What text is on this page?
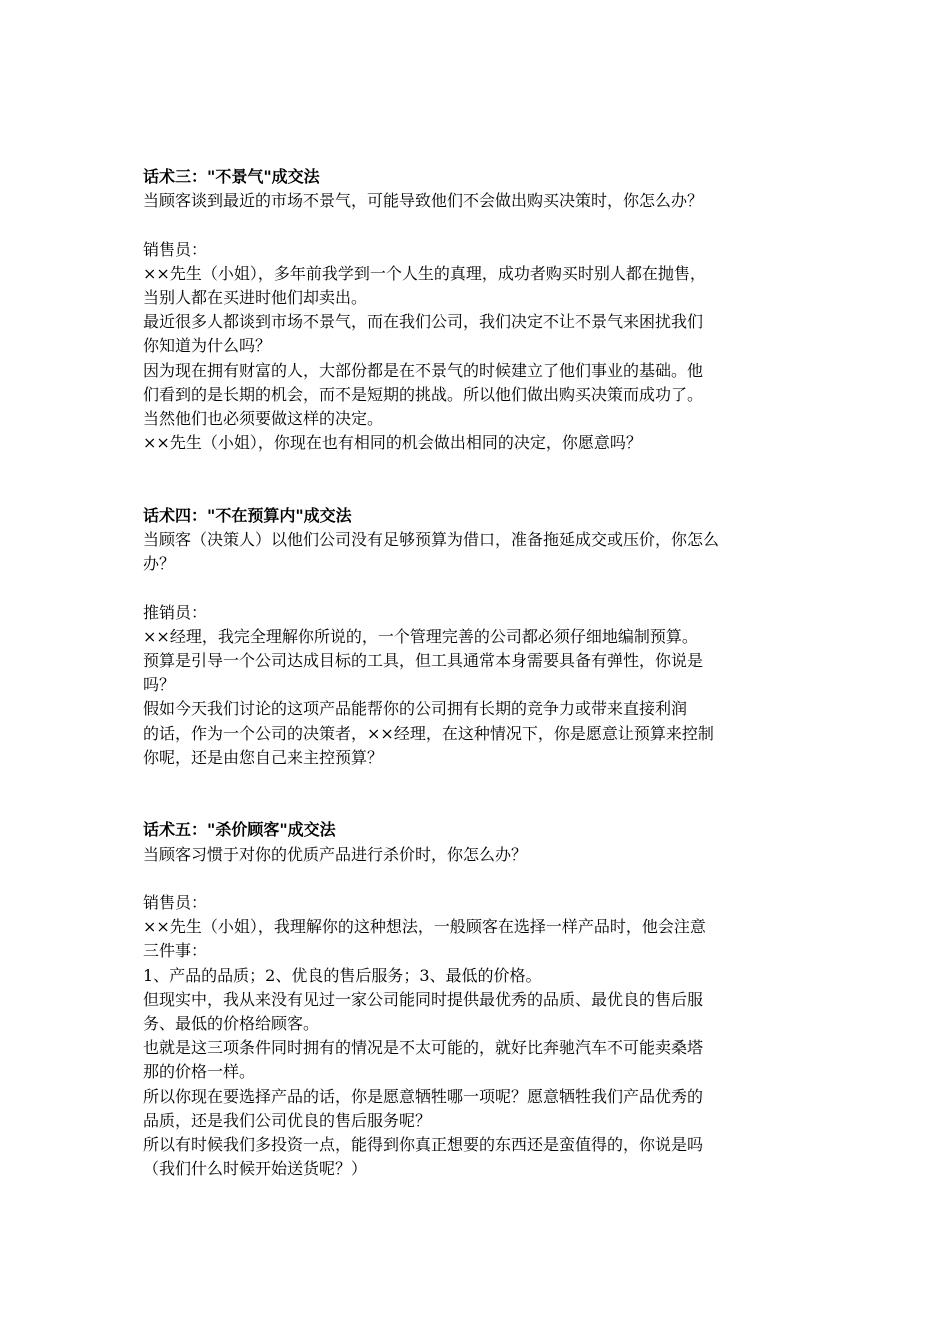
话术三："不景气"成交法

当顾客谈到最近的市场不景气，可能导致他们不会做出购买决策时，你怎么办？

销售员：

××先生（小姐），多年前我学到一个人生的真理，成功者购买时别人都在抛售，

当别人都在买进时他们却卖出。

最近很多人都谈到市场不景气，而在我们公司，我们决定不让不景气来困扰我们

你知道为什么吗？

因为现在拥有财富的人，大部份都是在不景气的时候建立了他们事业的基础。他

们看到的是长期的机会，而不是短期的挑战。所以他们做出购买决策而成功了。

当然他们也必须要做这样的决定。

××先生（小姐），你现在也有相同的机会做出相同的决定，你愿意吗？

话术四："不在预算内"成交法

当顾客（决策人）以他们公司没有足够预算为借口，准备拖延成交或压价，你怎么

办？

推销员：

××经理，我完全理解你所说的，一个管理完善的公司都必须仔细地编制预算。

预算是引导一个公司达成目标的工具，但工具通常本身需要具备有弹性，你说是

吗？

假如今天我们讨论的这项产品能帮你的公司拥有长期的竞争力或带来直接利润

的话，作为一个公司的决策者，××经理，在这种情况下，你是愿意让预算来控制

你呢，还是由您自己来主控预算？

话术五："杀价顾客"成交法

当顾客习惯于对你的优质产品进行杀价时，你怎么办？

销售员：

××先生（小姐），我理解你的这种想法，一般顾客在选择一样产品时，他会注意

三件事：

1、产品的品质；2、优良的售后服务；3、最低的价格。

但现实中，我从来没有见过一家公司能同时提供最优秀的品质、最优良的售后服

务、最低的价格给顾客。

也就是这三项条件同时拥有的情况是不太可能的，就好比奔驰汽车不可能卖桑塔

那的价格一样。

所以你现在要选择产品的话，你是愿意牺牲哪一项呢？愿意牺牲我们产品优秀的

品质，还是我们公司优良的售后服务呢？

所以有时候我们多投资一点，能得到你真正想要的东西还是蛮值得的，你说是吗

（我们什么时候开始送货呢？）
